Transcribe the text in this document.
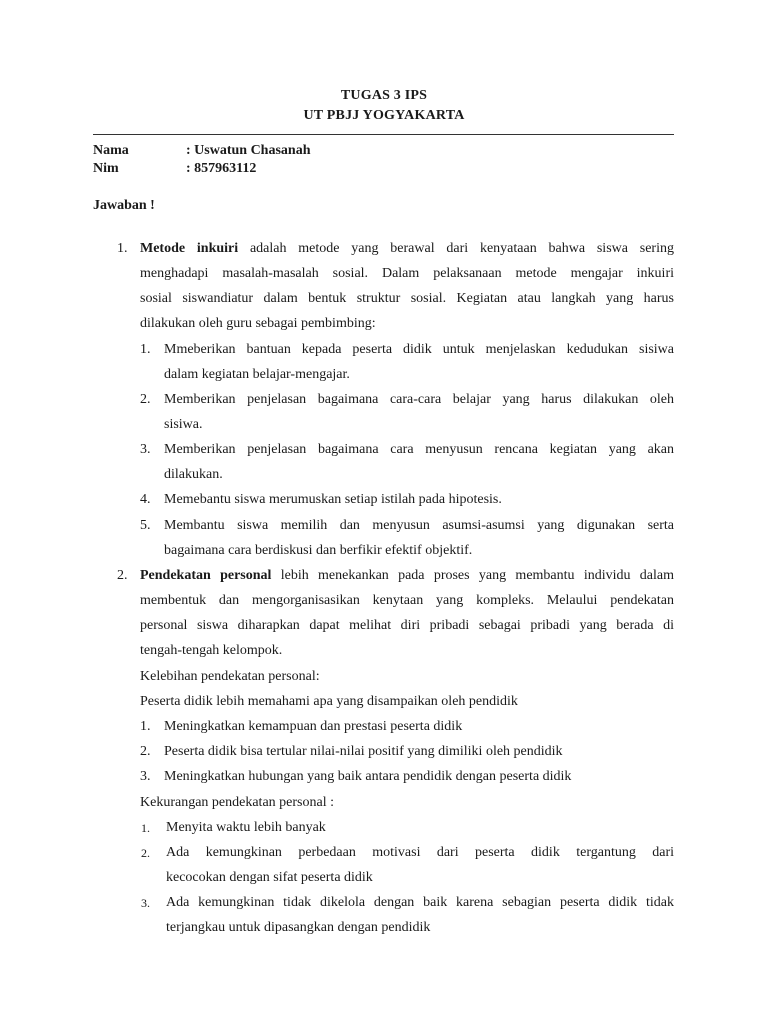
TUGAS 3 IPS
UT PBJJ YOGYAKARTA
Nama	: Uswatun Chasanah
Nim	: 857963112
Jawaban !
1. Metode inkuiri adalah metode yang berawal dari kenyataan bahwa siswa sering
menghadapi masalah-masalah sosial. Dalam pelaksanaan metode mengajar inkuiri
sosial siswandiatur dalam bentuk struktur sosial. Kegiatan atau langkah yang harus
dilakukan oleh guru sebagai pembimbing:
1. Mmeberikan bantuan kepada peserta didik untuk menjelaskan kedudukan sisiwa
dalam kegiatan belajar-mengajar.
2. Memberikan penjelasan bagaimana cara-cara belajar yang harus dilakukan oleh
sisiwa.
3. Memberikan penjelasan bagaimana cara menyusun rencana kegiatan yang akan
dilakukan.
4. Memebantu siswa merumuskan setiap istilah pada hipotesis.
5. Membantu siswa memilih dan menyusun asumsi-asumsi yang digunakan serta
bagaimana cara berdiskusi dan berfikir efektif objektif.
2. Pendekatan personal lebih menekankan pada proses yang membantu individu dalam
membentuk dan mengorganisasikan kenytaan yang kompleks. Melaului pendekatan
personal siswa diharapkan dapat melihat diri pribadi sebagai pribadi yang berada di
tengah-tengah kelompok.
Kelebihan pendekatan personal:
Peserta didik lebih memahami apa yang disampaikan oleh pendidik
1. Meningkatkan kemampuan dan prestasi peserta didik
2. Peserta didik bisa tertular nilai-nilai positif yang dimiliki oleh pendidik
3. Meningkatkan hubungan yang baik antara pendidik dengan peserta didik
Kekurangan pendekatan personal :
1. Menyita waktu lebih banyak
2. Ada kemungkinan perbedaan motivasi dari peserta didik tergantung dari
kecocokan dengan sifat peserta didik
3. Ada kemungkinan tidak dikelola dengan baik karena sebagian peserta didik tidak
terjangkau untuk dipasangkan dengan pendidik
